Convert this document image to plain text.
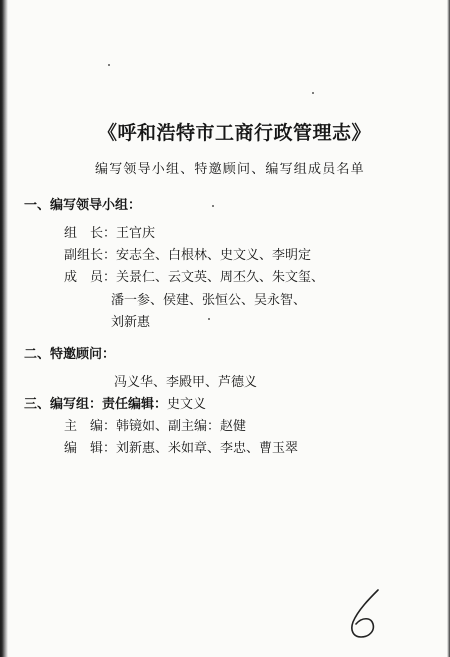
《呼和浩特市工商行政管理志》
编写领导小组、特邀顾问、编写组成员名单
一、编写领导小组：
组　长：王官庆
副组长：安志全、白根林、史文义、李明定
成　员：关景仁、云文英、周丕久、朱文玺、
潘一参、侯建、张恒公、吴永智、
刘新惠
二、特邀顾问：
冯义华、李殿甲、芦德义
三、编写组：责任编辑：史文义
主　编：韩镜如、副主编：赵健
编　辑：刘新惠、米如章、李忠、曹玉翠
